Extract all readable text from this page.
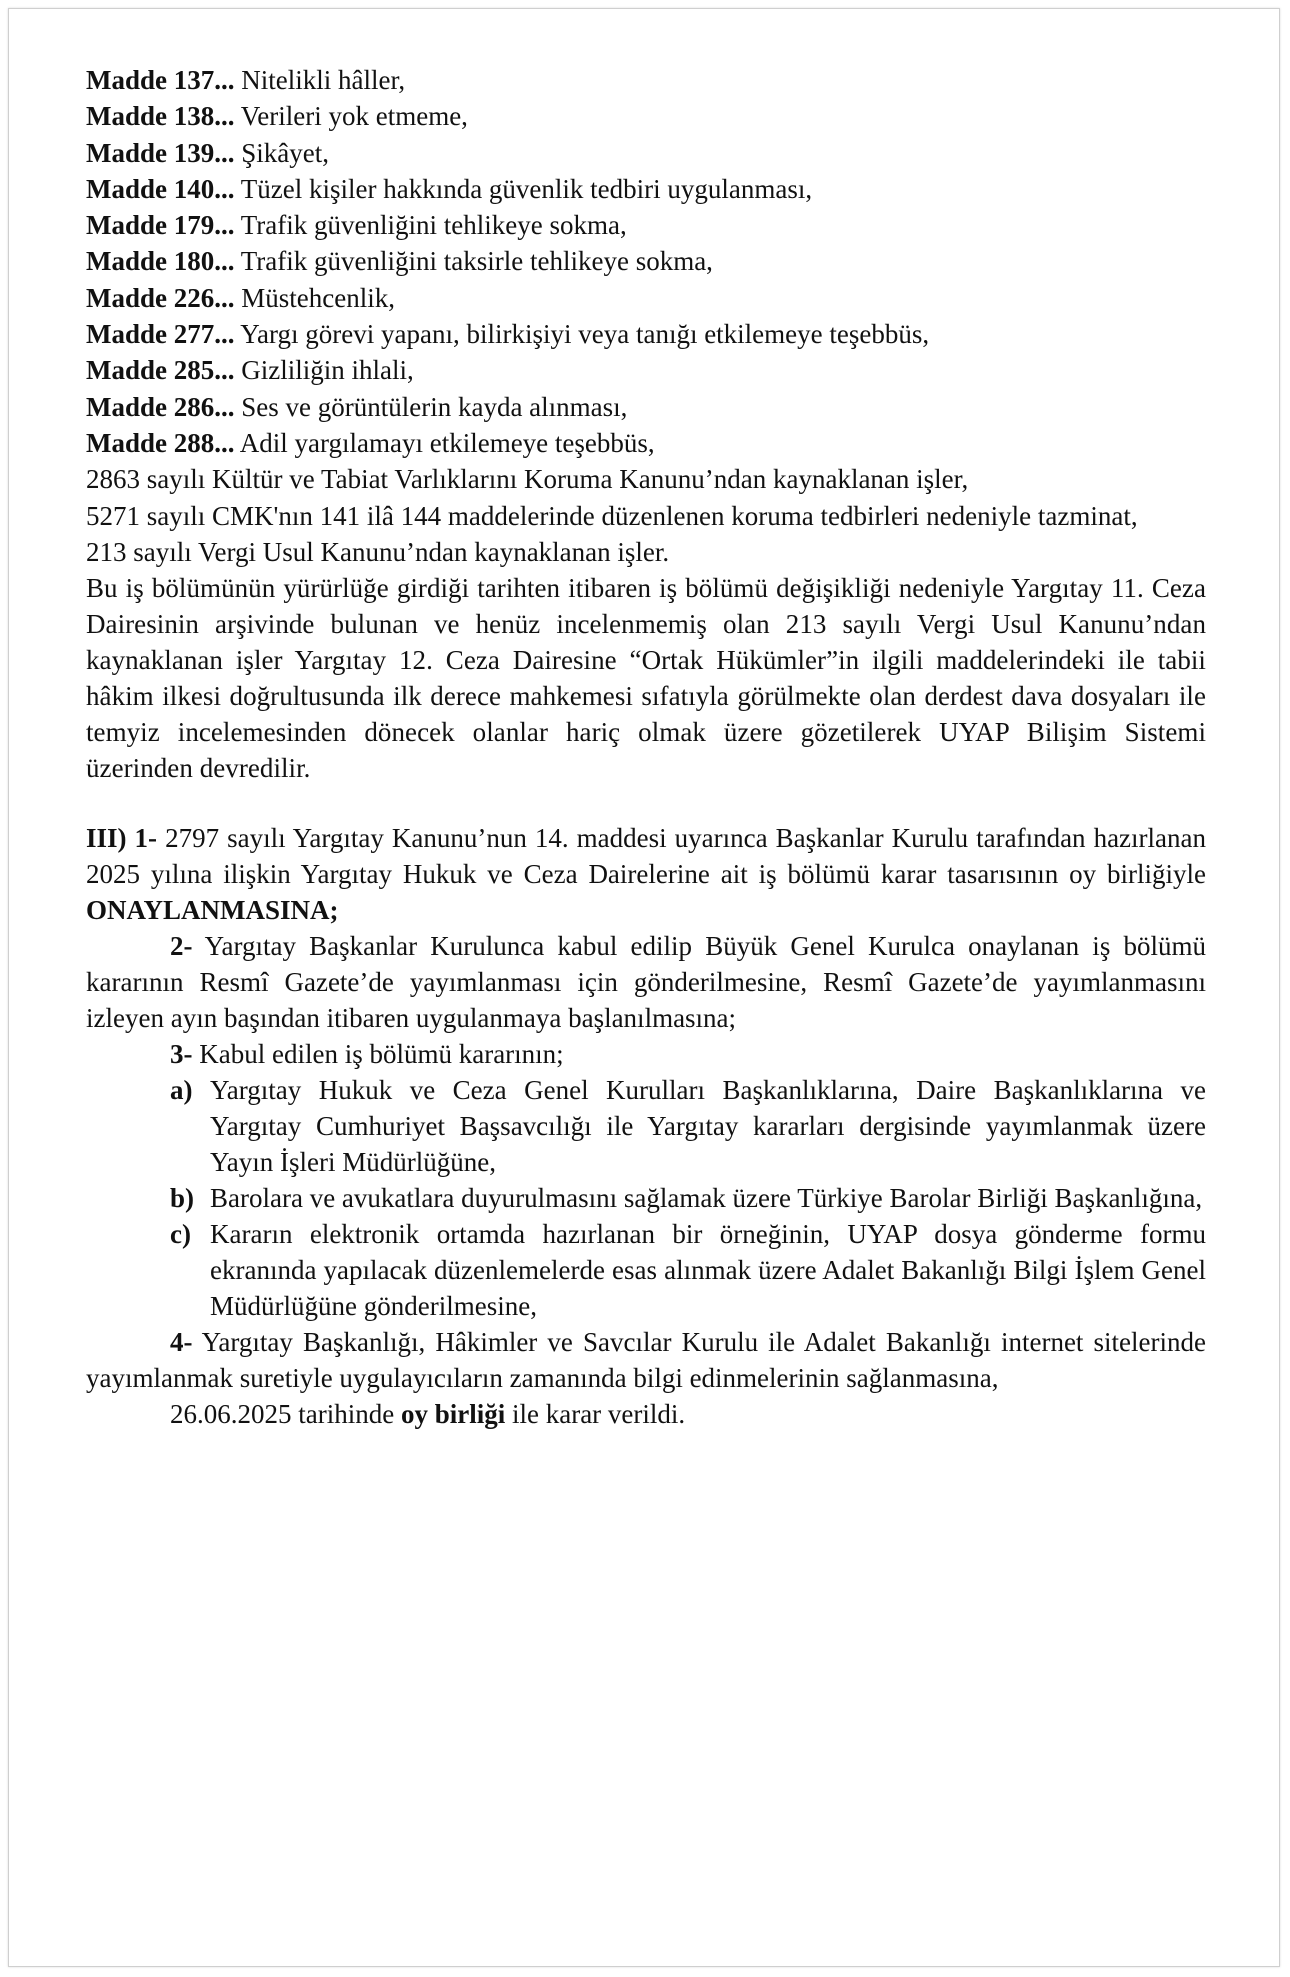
Madde 137... Nitelikli hâller,
Madde 138... Verileri yok etmeme,
Madde 139... Şikâyet,
Madde 140... Tüzel kişiler hakkında güvenlik tedbiri uygulanması,
Madde 179... Trafik güvenliğini tehlikeye sokma,
Madde 180... Trafik güvenliğini taksirle tehlikeye sokma,
Madde 226... Müstehcenlik,
Madde 277... Yargı görevi yapanı, bilirkişiyi veya tanığı etkilemeye teşebbüs,
Madde 285... Gizliliğin ihlali,
Madde 286... Ses ve görüntülerin kayda alınması,
Madde 288... Adil yargılamayı etkilemeye teşebbüs,
2863 sayılı Kültür ve Tabiat Varlıklarını Koruma Kanunu’ndan kaynaklanan işler,
5271 sayılı CMK'nın 141 ilâ 144 maddelerinde düzenlenen koruma tedbirleri nedeniyle tazminat,
213 sayılı Vergi Usul Kanunu’ndan kaynaklanan işler.

Bu iş bölümünün yürürlüğe girdiği tarihten itibaren iş bölümü değişikliği nedeniyle Yargıtay 11. Ceza Dairesinin arşivinde bulunan ve henüz incelenmemiş olan 213 sayılı Vergi Usul Kanunu’ndan kaynaklanan işler Yargıtay 12. Ceza Dairesine “Ortak Hükümler”in ilgili maddelerindeki ile tabii hâkim ilkesi doğrultusunda ilk derece mahkemesi sıfatıyla görülmekte olan derdest dava dosyaları ile temyiz incelemesinden dönecek olanlar hariç olmak üzere gözetilerek UYAP Bilişim Sistemi üzerinden devredilir.

III) 1- 2797 sayılı Yargıtay Kanunu’nun 14. maddesi uyarınca Başkanlar Kurulu tarafından hazırlanan 2025 yılına ilişkin Yargıtay Hukuk ve Ceza Dairelerine ait iş bölümü karar tasarısının oy birliğiyle ONAYLANMASINA;

2- Yargıtay Başkanlar Kurulunca kabul edilip Büyük Genel Kurulca onaylanan iş bölümü kararının Resmî Gazete’de yayımlanması için gönderilmesine, Resmî Gazete’de yayımlanmasını izleyen ayın başından itibaren uygulanmaya başlanılmasına;

3- Kabul edilen iş bölümü kararının;

a) Yargıtay Hukuk ve Ceza Genel Kurulları Başkanlıklarına, Daire Başkanlıklarına ve Yargıtay Cumhuriyet Başsavcılığı ile Yargıtay kararları dergisinde yayımlanmak üzere Yayın İşleri Müdürlüğüne,
b) Barolara ve avukatlara duyurulmasını sağlamak üzere Türkiye Barolar Birliği Başkanlığına,
c) Kararın elektronik ortamda hazırlanan bir örneğinin, UYAP dosya gönderme formu ekranında yapılacak düzenlemelerde esas alınmak üzere Adalet Bakanlığı Bilgi İşlem Genel Müdürlüğüne gönderilmesine,

4- Yargıtay Başkanlığı, Hâkimler ve Savcılar Kurulu ile Adalet Bakanlığı internet sitelerinde yayımlanmak suretiyle uygulayıcıların zamanında bilgi edinmelerinin sağlanmasına,

26.06.2025 tarihinde oy birliği ile karar verildi.
